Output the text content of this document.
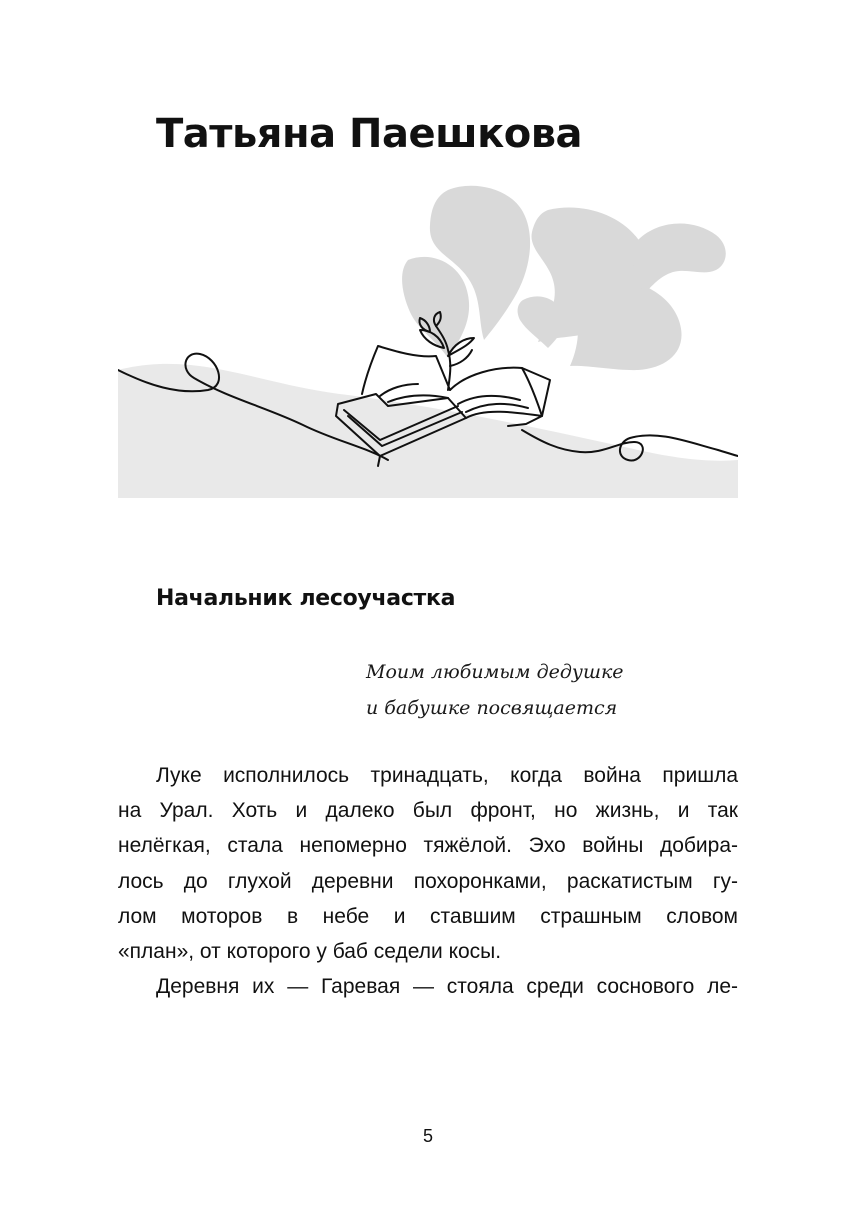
Татьяна Паешкова
Начальник лесоучастка
Моим любимым дедушке
и бабушке посвящается
Луке исполнилось тринадцать, когда война пришла
на Урал. Хоть и далеко был фронт, но жизнь, и так
нелёгкая, стала непомерно тяжёлой. Эхо войны добира-
лось до глухой деревни похоронками, раскатистым гу-
лом моторов в небе и ставшим страшным словом
«план», от которого у баб седели косы.
Деревня их — Гаревая — стояла среди соснового ле-
5
